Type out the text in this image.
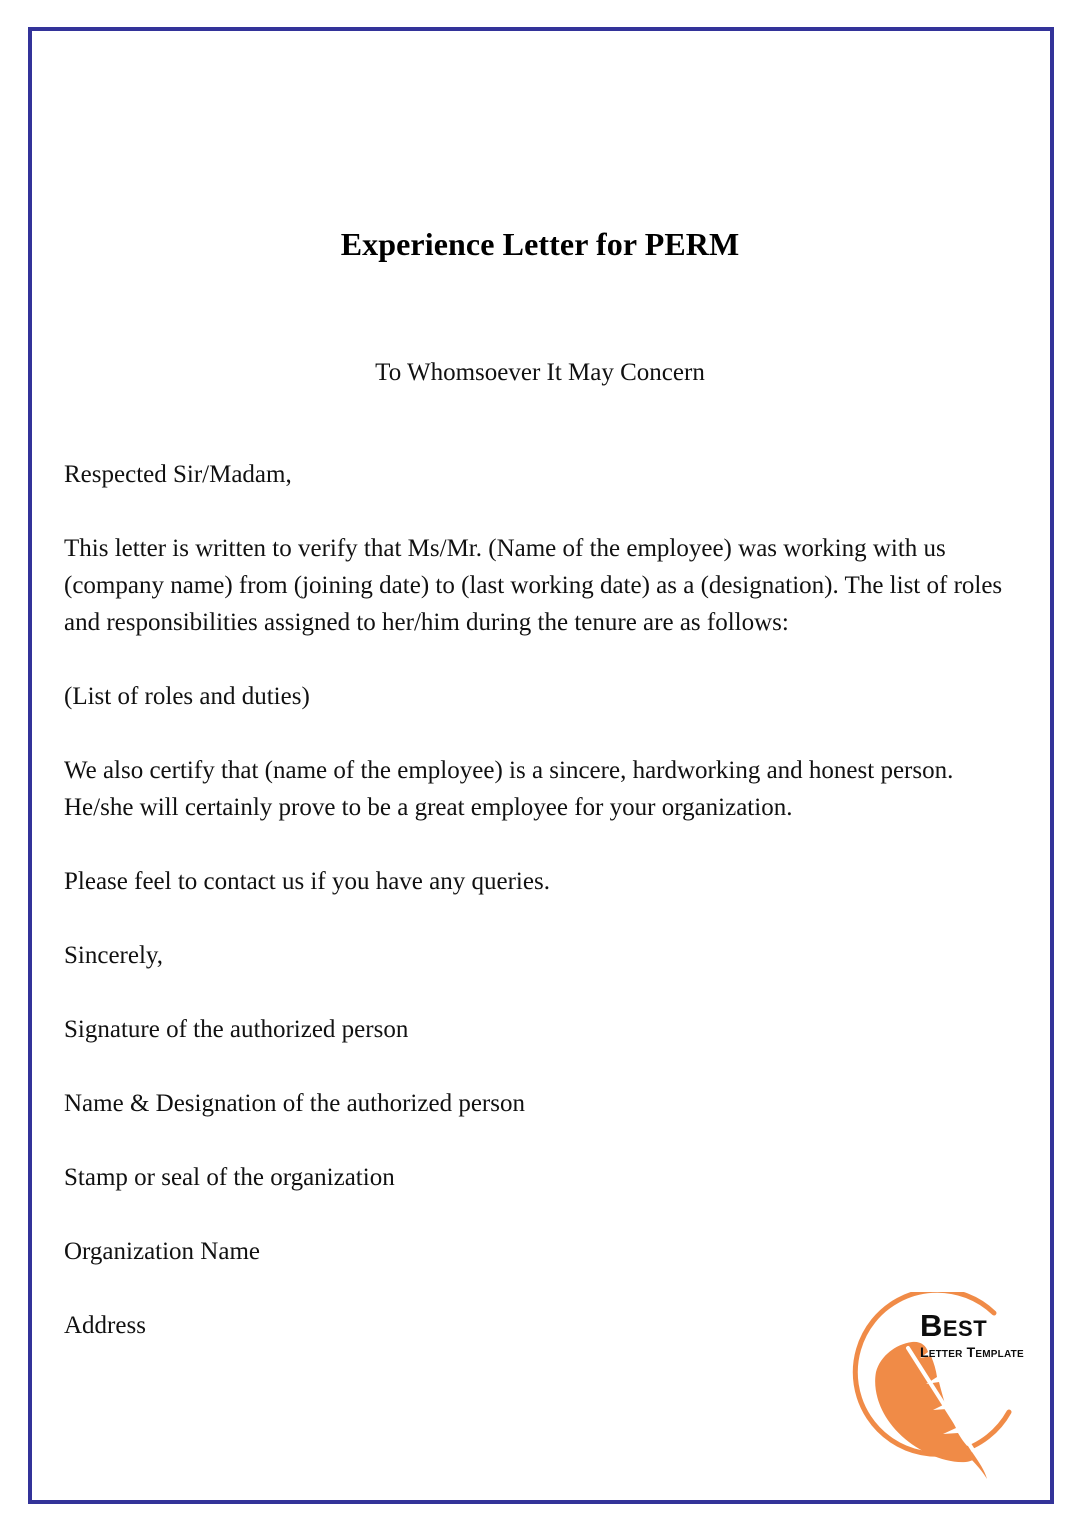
Experience Letter for PERM
To Whomsoever It May Concern

Respected Sir/Madam,

This letter is written to verify that Ms/Mr. (Name of the employee) was working with us (company name) from (joining date) to (last working date) as a (designation). The list of roles and responsibilities assigned to her/him during the tenure are as follows:

(List of roles and duties)

We also certify that (name of the employee) is a sincere, hardworking and honest person. He/she will certainly prove to be a great employee for your organization.

Please feel to contact us if you have any queries.

Sincerely,

Signature of the authorized person

Name & Designation of the authorized person

Stamp or seal of the organization

Organization Name

Address	Best
Letter Template
